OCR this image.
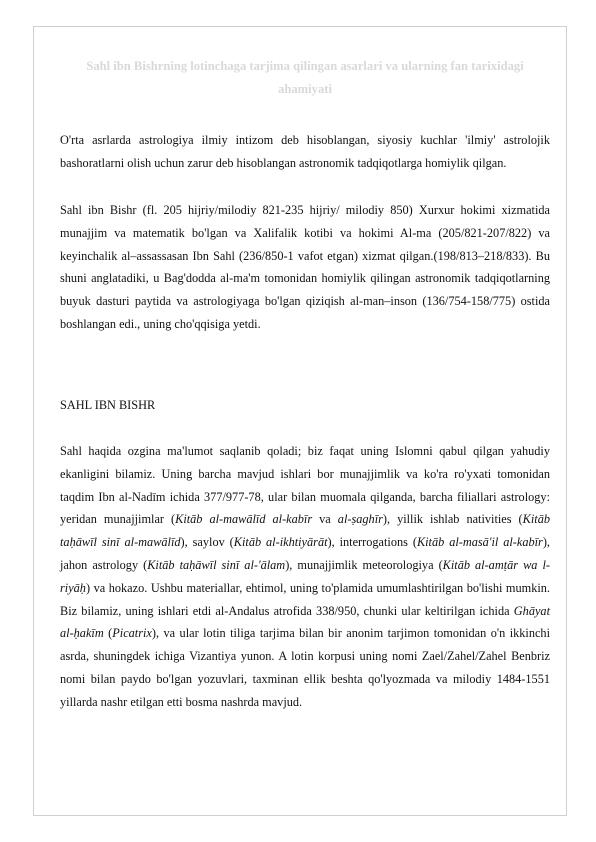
Sahl ibn Bishrning lotinchaga tarjima qilingan asarlari va ularning fan tarixidagi ahamiyati

O'rta asrlarda astrologiya ilmiy intizom deb hisoblangan, siyosiy kuchlar 'ilmiy' astrolojik bashoratlarni olish uchun zarur deb hisoblangan astronomik tadqiqotlarga homiylik qilgan.

Sahl ibn Bishr (fl. 205 hijriy/milodiy 821-235 hijriy/ milodiy 850) Xurxur hokimi xizmatida munajjim va matematik bo'lgan va Xalifalik kotibi va hokimi Al-ma (205/821-207/822) va keyinchalik al–assassasan Ibn Sahl (236/850-1 vafot etgan) xizmat qilgan.(198/813–218/833). Bu shuni anglatadiki, u Bag'dodda al-ma'm tomonidan homiylik qilingan astronomik tadqiqotlarning buyuk dasturi paytida va astrologiyaga bo'lgan qiziqish al-man–inson (136/754-158/775) ostida boshlangan edi., uning cho'qqisiga yetdi.

SAHL IBN BISHR

Sahl haqida ozgina ma'lumot saqlanib qoladi; biz faqat uning Islomni qabul qilgan yahudiy ekanligini bilamiz. Uning barcha mavjud ishlari bor munajjimlik va ko'ra ro'yxati tomonidan taqdim Ibn al-Nadīm ichida 377/977-78, ular bilan muomala qilganda, barcha filiallari astrology: yeridan munajjimlar (Kitāb al-mawālīd al-kabīr va al-ṣaghīr), yillik ishlab nativities (Kitāb taḥāwīl sinī al-mawālīd), saylov (Kitāb al-ikhtiyārāt), interrogations (Kitāb al-masā'il al-kabīr), jahon astrology (Kitāb taḥāwīl sinī al-'ālam), munajjimlik meteorologiya (Kitāb al-amṭār wa l-riyāḥ) va hokazo. Ushbu materiallar, ehtimol, uning to'plamida umumlashtirilgan bo'lishi mumkin. Biz bilamiz, uning ishlari etdi al-Andalus atrofida 338/950, chunki ular keltirilgan ichida Ghāyat al-ḥakīm (Picatrix), va ular lotin tiliga tarjima bilan bir anonim tarjimon tomonidan o'n ikkinchi asrda, shuningdek ichiga Vizantiya yunon. A lotin korpusi uning nomi Zael/Zahel/Zahel Benbriz nomi bilan paydo bo'lgan yozuvlari, taxminan ellik beshta qo'lyozmada va milodiy 1484-1551 yillarda nashr etilgan etti bosma nashrda mavjud.
